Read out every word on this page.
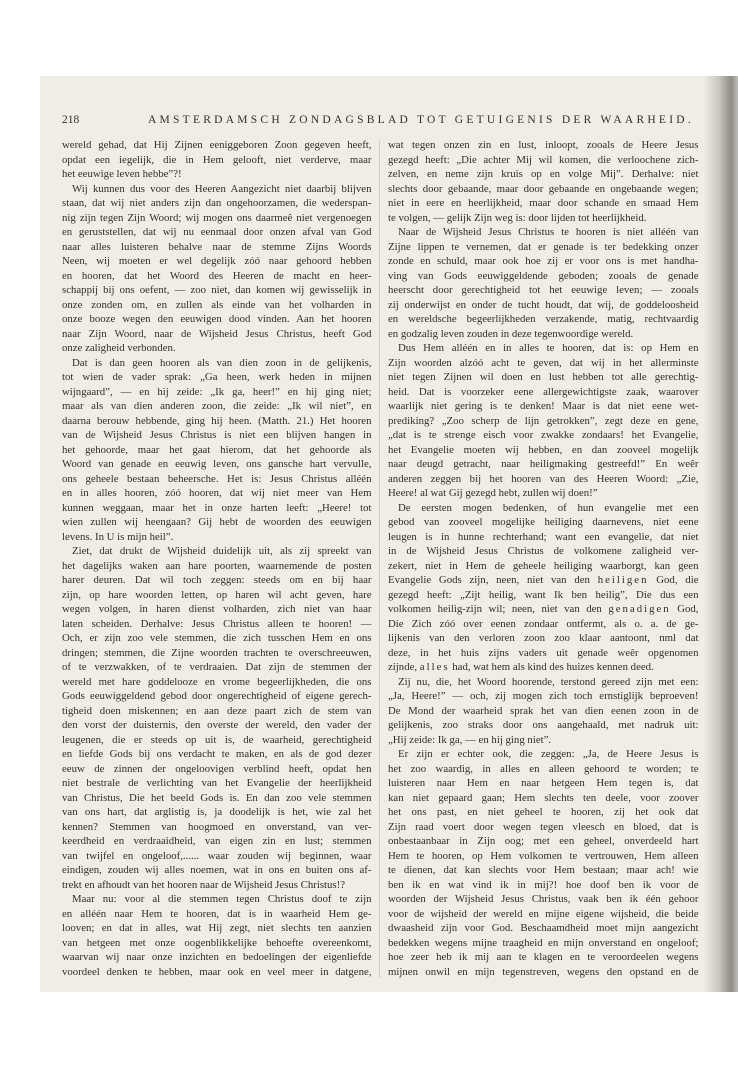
218	AMSTERDAMSCH ZONDAGSBLAD TOT GETUIGENIS DER WAARHEID.
wereld gehad, dat Hij Zijnen eeniggeboren Zoon gegeven heeft,
opdat een iegelijk, die in Hem gelooft, niet verderve, maar
het eeuwige leven hebbe”?!
Wij kunnen dus voor des Heeren Aangezicht niet daarbij blijven
staan, dat wij niet anders zijn dan ongehoorzamen, die wederspan-
nig zijn tegen Zijn Woord; wij mogen ons daarmeê niet vergenoegen
en geruststellen, dat wij nu eenmaal door onzen afval van God
naar alles luisteren behalve naar de stemme Zijns Woords
Neen, wij moeten er wel degelijk zóó naar gehoord hebben
en hooren, dat het Woord des Heeren de macht en heer-
schappij bij ons oefent, — zoo niet, dan komen wij gewisselijk in
onze zonden om, en zullen als einde van het volharden in
onze booze wegen den eeuwigen dood vinden. Aan het hooren
naar Zijn Woord, naar de Wijsheid Jesus Christus, heeft God
onze zaligheid verbonden.
Dat is dan geen hooren als van dien zoon in de gelijkenis,
tot wien de vader sprak: „Ga heen, werk heden in mijnen
wijngaard”, — en hij zeide: „Ik ga, heer!” en hij ging niet;
maar als van dien anderen zoon, die zeide: „Ik wil niet”, en
daarna berouw hebbende, ging hij heen. (Matth. 21.) Het hooren
van de Wijsheid Jesus Christus is niet een blijven hangen in
het gehoorde, maar het gaat hierom, dat het gehoorde als
Woord van genade en eeuwig leven, ons gansche hart vervulle,
ons geheele bestaan beheersche. Het is: Jesus Christus alléén
en in alles hooren, zóó hooren, dat wij niet meer van Hem
kunnen weggaan, maar het in onze harten leeft: „Heere! tot
wien zullen wij heengaan? Gij hebt de woorden des eeuwigen
levens. In U is mijn heil”.
Ziet, dat drukt de Wijsheid duidelijk uit, als zij spreekt van
het dagelijks waken aan hare poorten, waarnemende de posten
harer deuren. Dat wil toch zeggen: steeds om en bij haar
zijn, op hare woorden letten, op haren wil acht geven, hare
wegen volgen, in haren dienst volharden, zich niet van haar
laten scheiden. Derhalve: Jesus Christus alleen te hooren! —
Och, er zijn zoo vele stemmen, die zich tusschen Hem en ons
dringen; stemmen, die Zijne woorden trachten te overschreeuwen,
of te verzwakken, of te verdraaien. Dat zijn de stemmen der
wereld met hare goddelooze en vrome begeerlijkheden, die ons
Gods eeuwiggeldend gebod door ongerechtigheid of eigene gerech-
tigheid doen miskennen; en aan deze paart zich de stem van
den vorst der duisternis, den overste der wereld, den vader der
leugenen, die er steeds op uit is, de waarheid, gerechtigheid
en liefde Gods bij ons verdacht te maken, en als de god dezer
eeuw de zinnen der ongeloovigen verblind heeft, opdat hen
niet bestrale de verlichting van het Evangelie der heerlijkheid
van Christus, Die het beeld Gods is. En dan zoo vele stemmen
van ons hart, dat arglistig is, ja doodelijk is het, wie zal het
kennen? Stemmen van hoogmoed en onverstand, van ver-
keerdheid en verdraaidheid, van eigen zin en lust; stemmen
van twijfel en ongeloof,...... waar zouden wij beginnen, waar
eindigen, zouden wij alles noemen, wat in ons en buiten ons af-
trekt en afhoudt van het hooren naar de Wijsheid Jesus Christus!?
Maar nu: voor al die stemmen tegen Christus doof te zijn
en alléén naar Hem te hooren, dat is in waarheid Hem ge-
looven; en dat in alles, wat Hij zegt, niet slechts ten aanzien
van hetgeen met onze oogenblikkelijke behoefte overeenkomt,
waarvan wij naar onze inzichten en bedoelingen der eigenliefde
voordeel denken te hebben, maar ook en veel meer in datgene,
wat tegen onzen zin en lust, inloopt, zooals de Heere Jesus
gezegd heeft: „Die achter Mij wil komen, die verloochene zich-
zelven, en neme zijn kruis op en volge Mij”. Derhalve: niet
slechts door gebaande, maar door gebaande en ongebaande wegen;
niet in eere en heerlijkheid, maar door schande en smaad Hem
te volgen, — gelijk Zijn weg is: door lijden tot heerlijkheid.
Naar de Wijsheid Jesus Christus te hooren is niet alléén van
Zijne lippen te vernemen, dat er genade is ter bedekking onzer
zonde en schuld, maar ook hoe zij er voor ons is met handha-
ving van Gods eeuwiggeldende geboden; zooals de genade
heerscht door gerechtigheid tot het eeuwige leven; — zooals
zij onderwijst en onder de tucht houdt, dat wij, de goddeloosheid
en wereldsche begeerlijkheden verzakende, matig, rechtvaardig
en godzalig leven zouden in deze tegenwoordige wereld.
Dus Hem alléén en in alles te hooren, dat is: op Hem en
Zijn woorden alzóó acht te geven, dat wij in het allerminste
niet tegen Zijnen wil doen en lust hebben tot alle gerechtig-
heid. Dat is voorzeker eene allergewichtigste zaak, waarover
waarlijk niet gering is te denken! Maar is dat niet eene wet-
prediking? „Zoo scherp de lijn getrokken”, zegt deze en gene,
„dat is te strenge eisch voor zwakke zondaars! het Evangelie,
het Evangelie moeten wij hebben, en dan zooveel mogelijk
naar deugd getracht, naar heiligmaking gestreefd!” En weêr
anderen zeggen bij het hooren van des Heeren Woord: „Zie,
Heere! al wat Gij gezegd hebt, zullen wij doen!”
De eersten mogen bedenken, of hun evangelie met een
gebod van zooveel mogelijke heiliging daarnevens, niet eene
leugen is in hunne rechterhand; want een evangelie, dat niet
in de Wijsheid Jesus Christus de volkomene zaligheid ver-
zekert, niet in Hem de geheele heiliging waarborgt, kan geen
Evangelie Gods zijn, neen, niet van den heiligen God, die
gezegd heeft: „Zijt heilig, want Ik ben heilig”, Die dus een
volkomen heilig-zijn wil; neen, niet van den genadigen God,
Die Zich zóó over eenen zondaar ontfermt, als o. a. de ge-
lijkenis van den verloren zoon zoo klaar aantoont, nml dat
deze, in het huis zijns vaders uit genade weêr opgenomen
zijnde, alles had, wat hem als kind des huizes kennen deed.
Zij nu, die, het Woord hoorende, terstond gereed zijn met een:
„Ja, Heere!” — och, zij mogen zich toch ernstiglijk beproeven!
De Mond der waarheid sprak het van dien eenen zoon in de
gelijkenis, zoo straks door ons aangehaald, met nadruk uit:
„Hij zeide: Ik ga, — en hij ging niet”.
Er zijn er echter ook, die zeggen: „Ja, de Heere Jesus is
het zoo waardig, in alles en alleen gehoord te worden; te
luisteren naar Hem en naar hetgeen Hem tegen is, dat
kan niet gepaard gaan; Hem slechts ten deele, voor zoover
het ons past, en niet geheel te hooren, zij het ook dat
Zijn raad voert door wegen tegen vleesch en bloed, dat is
onbestaanbaar in Zijn oog; met een geheel, onverdeeld hart
Hem te hooren, op Hem volkomen te vertrouwen, Hem alleen
te dienen, dat kan slechts voor Hem bestaan; maar ach! wie
ben ik en wat vind ik in mij?! hoe doof ben ik voor de
woorden der Wijsheid Jesus Christus, vaak ben ik één gehoor
voor de wijsheid der wereld en mijne eigene wijsheid, die beide
dwaasheid zijn voor God. Beschaamdheid moet mijn aangezicht
bedekken wegens mijne traagheid en mijn onverstand en ongeloof;
hoe zeer heb ik mij aan te klagen en te veroordeelen wegens
mijnen onwil en mijn tegenstreven, wegens den opstand en de
